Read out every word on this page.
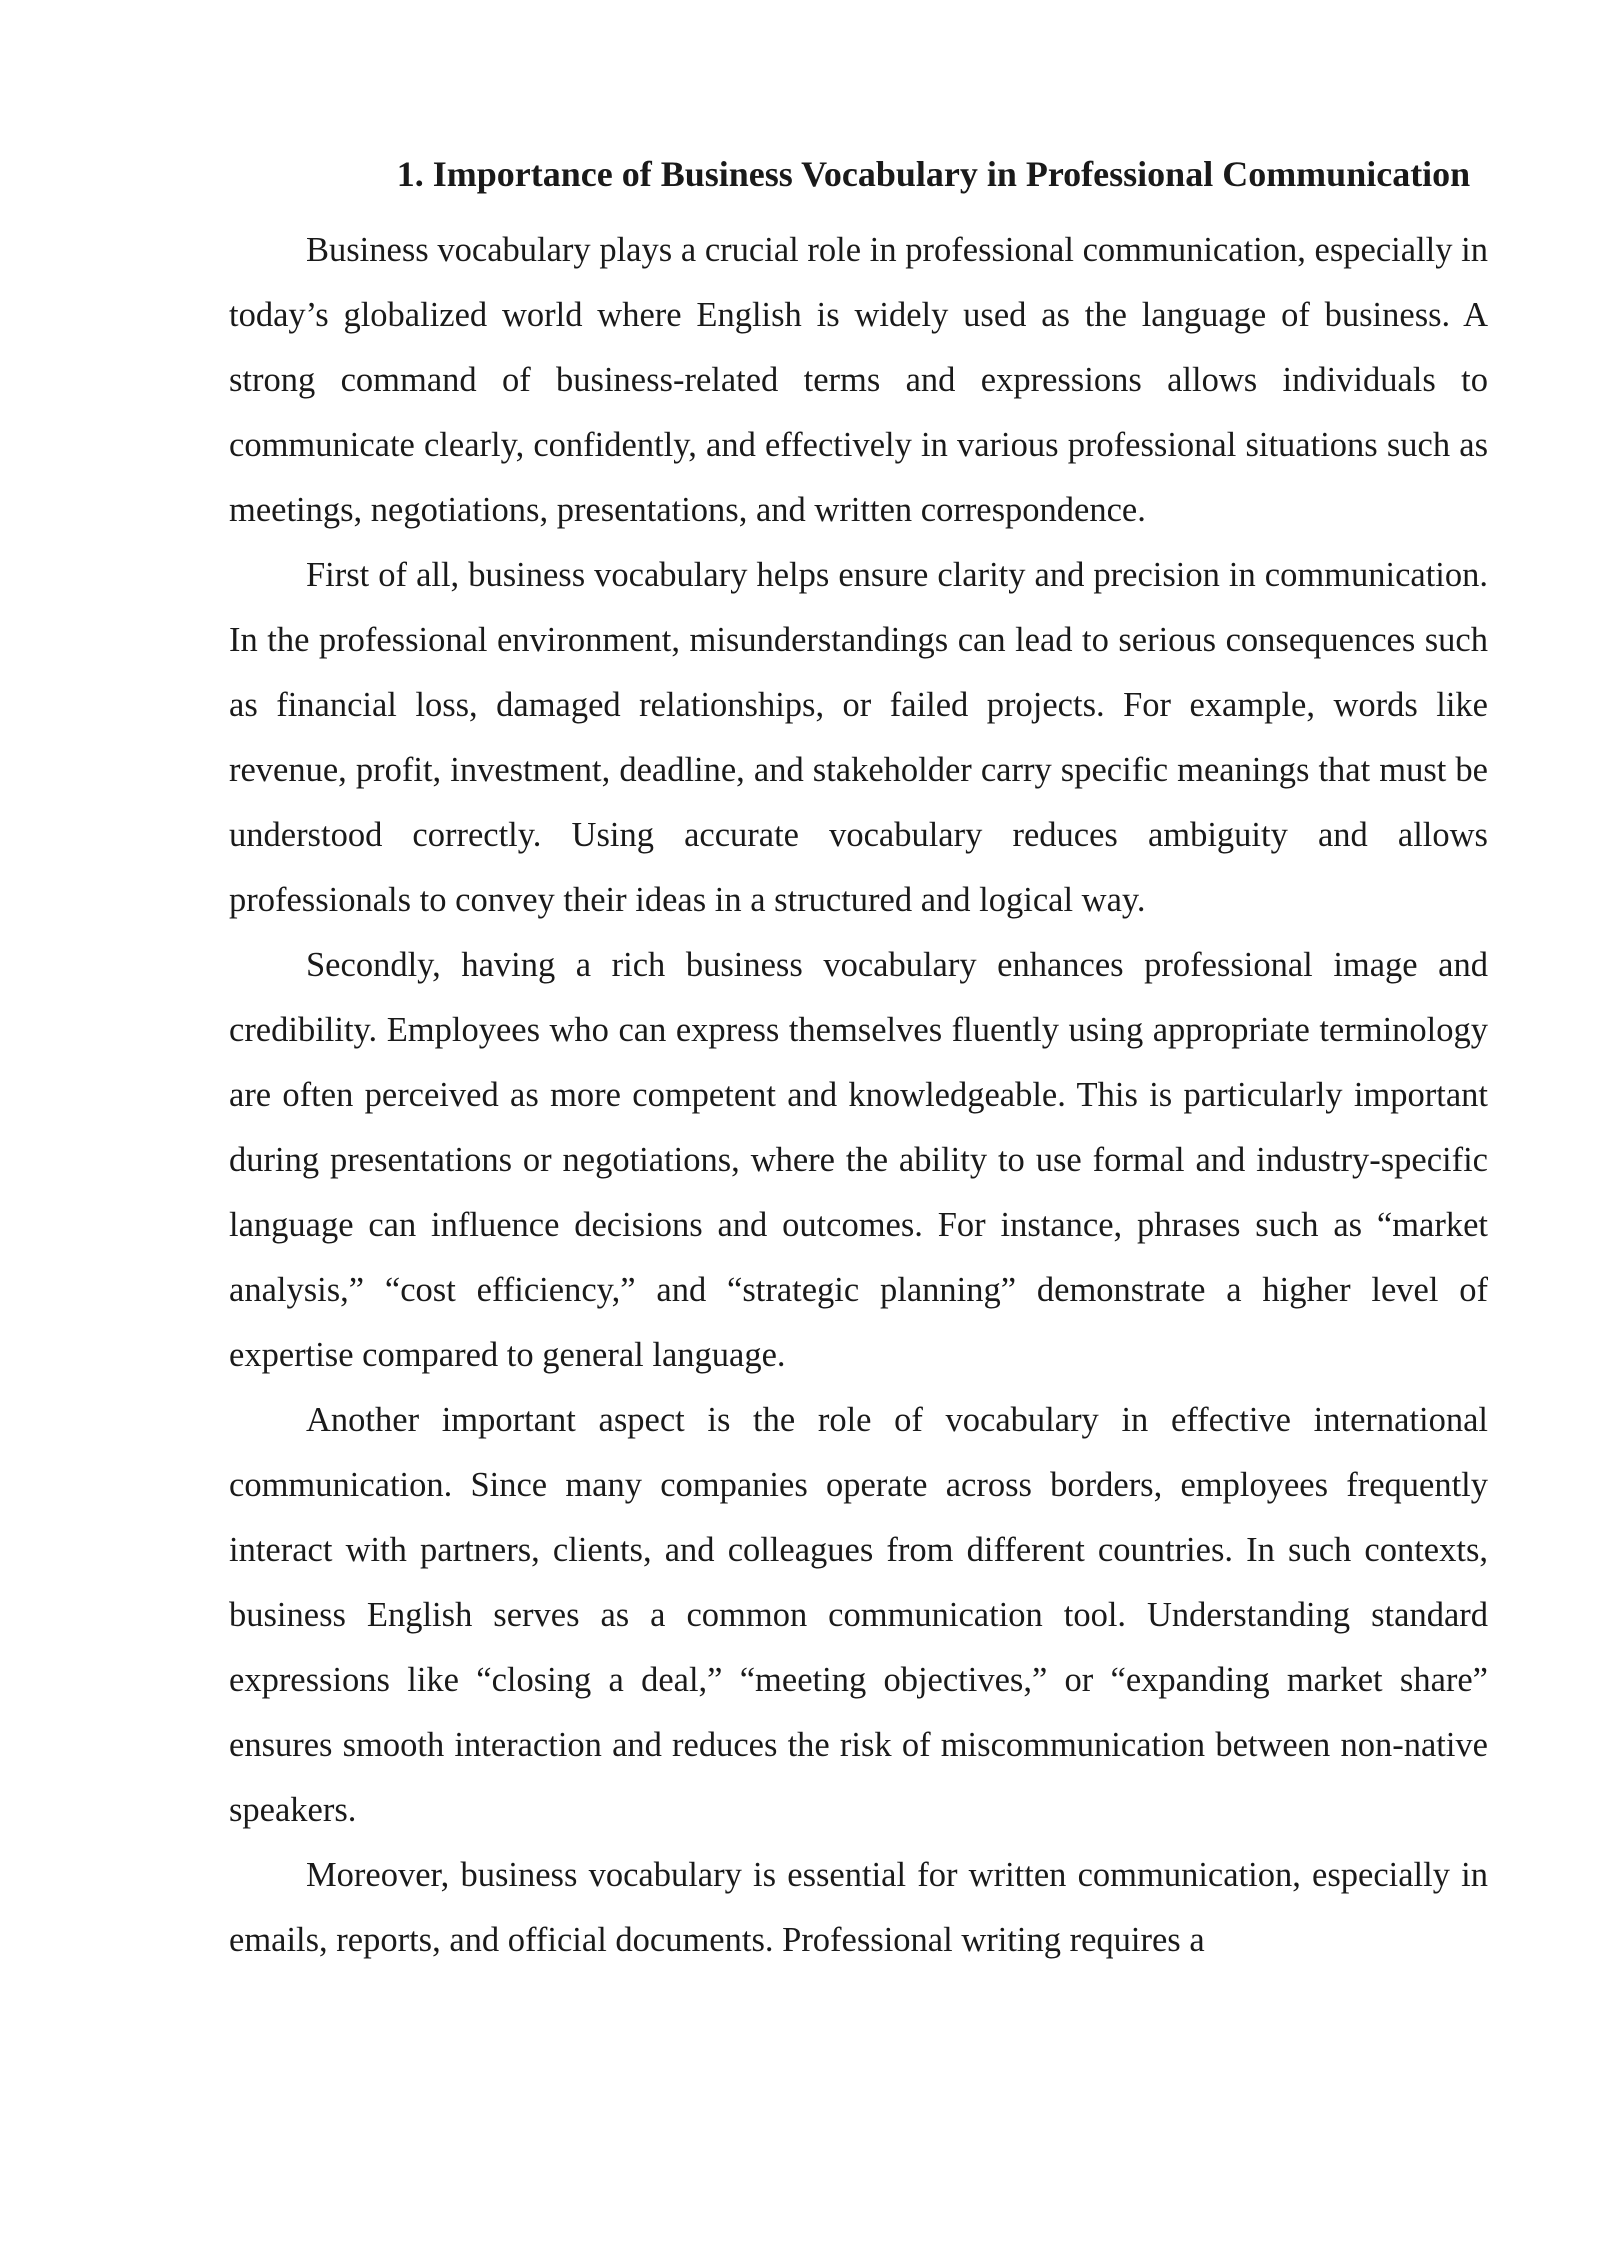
1. Importance of Business Vocabulary in Professional Communication

Business vocabulary plays a crucial role in professional communication, especially in today’s globalized world where English is widely used as the language of business. A strong command of business-related terms and expressions allows individuals to communicate clearly, confidently, and effectively in various professional situations such as meetings, negotiations, presentations, and written correspondence.

First of all, business vocabulary helps ensure clarity and precision in communication. In the professional environment, misunderstandings can lead to serious consequences such as financial loss, damaged relationships, or failed projects. For example, words like revenue, profit, investment, deadline, and stakeholder carry specific meanings that must be understood correctly. Using accurate vocabulary reduces ambiguity and allows professionals to convey their ideas in a structured and logical way.

Secondly, having a rich business vocabulary enhances professional image and credibility. Employees who can express themselves fluently using appropriate terminology are often perceived as more competent and knowledgeable. This is particularly important during presentations or negotiations, where the ability to use formal and industry-specific language can influence decisions and outcomes. For instance, phrases such as “market analysis,” “cost efficiency,” and “strategic planning” demonstrate a higher level of expertise compared to general language.

Another important aspect is the role of vocabulary in effective international communication. Since many companies operate across borders, employees frequently interact with partners, clients, and colleagues from different countries. In such contexts, business English serves as a common communication tool. Understanding standard expressions like “closing a deal,” “meeting objectives,” or “expanding market share” ensures smooth interaction and reduces the risk of miscommunication between non-native speakers.

Moreover, business vocabulary is essential for written communication, especially in emails, reports, and official documents. Professional writing requires a
